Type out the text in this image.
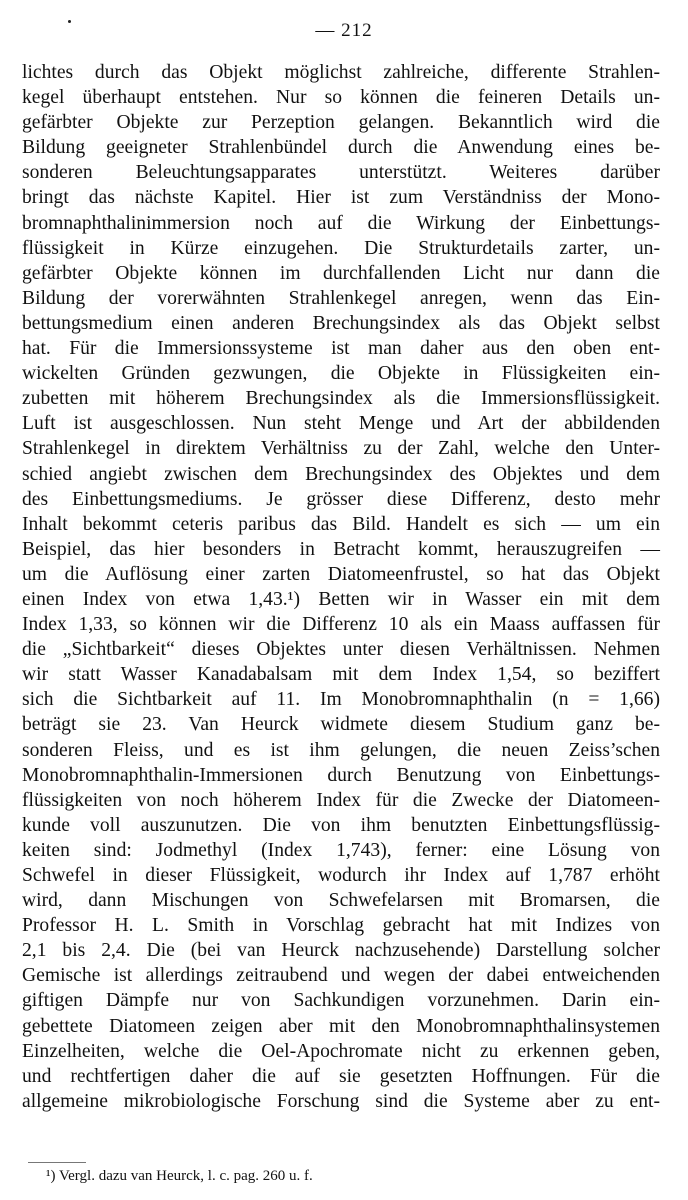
— 212
lichtes durch das Objekt möglichst zahlreiche, differente Strahlen-
kegel überhaupt entstehen. Nur so können die feineren Details un-
gefärbter Objekte zur Perzeption gelangen. Bekanntlich wird die
Bildung geeigneter Strahlenbündel durch die Anwendung eines be-
sonderen Beleuchtungsapparates unterstützt. Weiteres darüber
bringt das nächste Kapitel. Hier ist zum Verständniss der Mono-
bromnaphthalinimmersion noch auf die Wirkung der Einbettungs-
flüssigkeit in Kürze einzugehen. Die Strukturdetails zarter, un-
gefärbter Objekte können im durchfallenden Licht nur dann die
Bildung der vorerwähnten Strahlenkegel anregen, wenn das Ein-
bettungsmedium einen anderen Brechungsindex als das Objekt selbst
hat. Für die Immersionssysteme ist man daher aus den oben ent-
wickelten Gründen gezwungen, die Objekte in Flüssigkeiten ein-
zubetten mit höherem Brechungsindex als die Immersionsflüssigkeit.
Luft ist ausgeschlossen. Nun steht Menge und Art der abbildenden
Strahlenkegel in direktem Verhältniss zu der Zahl, welche den Unter-
schied angiebt zwischen dem Brechungsindex des Objektes und dem
des Einbettungsmediums. Je grösser diese Differenz, desto mehr
Inhalt bekommt ceteris paribus das Bild. Handelt es sich — um ein
Beispiel, das hier besonders in Betracht kommt, herauszugreifen —
um die Auflösung einer zarten Diatomeenfrustel, so hat das Objekt
einen Index von etwa 1,43.¹) Betten wir in Wasser ein mit dem
Index 1,33, so können wir die Differenz 10 als ein Maass auffassen für
die „Sichtbarkeit“ dieses Objektes unter diesen Verhältnissen. Nehmen
wir statt Wasser Kanadabalsam mit dem Index 1,54, so beziffert
sich die Sichtbarkeit auf 11. Im Monobromnaphthalin (n = 1,66)
beträgt sie 23. Van Heurck widmete diesem Studium ganz be-
sonderen Fleiss, und es ist ihm gelungen, die neuen Zeiss’schen
Monobromnaphthalin-Immersionen durch Benutzung von Einbettungs-
flüssigkeiten von noch höherem Index für die Zwecke der Diatomeen-
kunde voll auszunutzen. Die von ihm benutzten Einbettungsflüssig-
keiten sind: Jodmethyl (Index 1,743), ferner: eine Lösung von
Schwefel in dieser Flüssigkeit, wodurch ihr Index auf 1,787 erhöht
wird, dann Mischungen von Schwefelarsen mit Bromarsen, die
Professor H. L. Smith in Vorschlag gebracht hat mit Indizes von
2,1 bis 2,4. Die (bei van Heurck nachzusehende) Darstellung solcher
Gemische ist allerdings zeitraubend und wegen der dabei entweichenden
giftigen Dämpfe nur von Sachkundigen vorzunehmen. Darin ein-
gebettete Diatomeen zeigen aber mit den Monobromnaphthalinsystemen
Einzelheiten, welche die Oel-Apochromate nicht zu erkennen geben,
und rechtfertigen daher die auf sie gesetzten Hoffnungen. Für die
allgemeine mikrobiologische Forschung sind die Systeme aber zu ent-
¹) Vergl. dazu van Heurck, l. c. pag. 260 u. f.
